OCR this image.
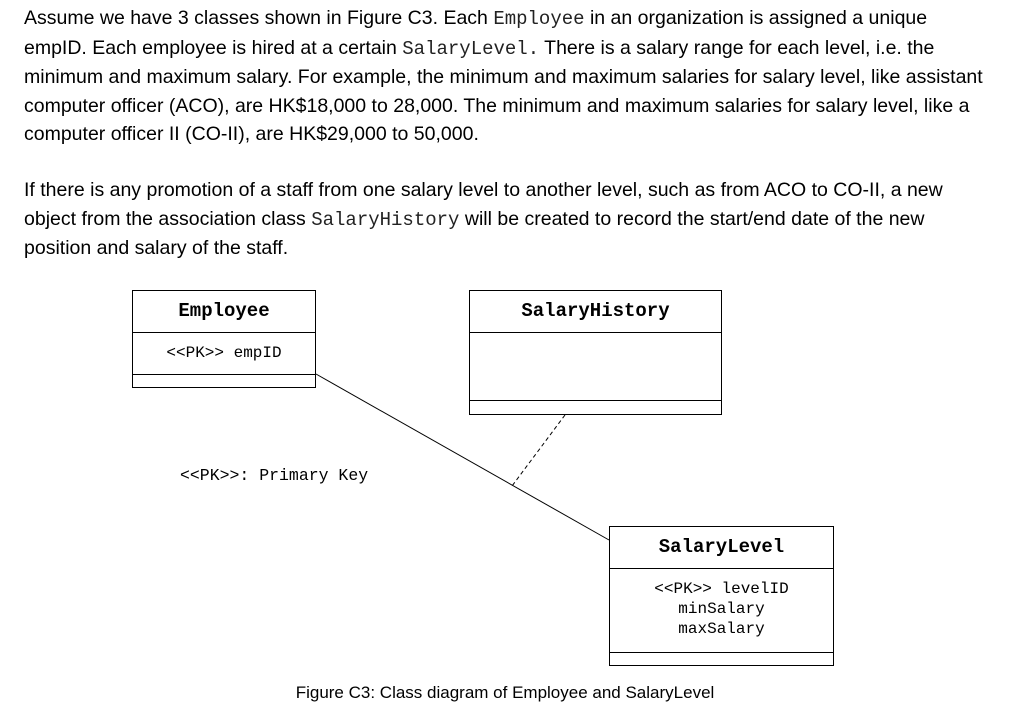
Assume we have 3 classes shown in Figure C3. Each Employee in an organization is assigned a unique empID. Each employee is hired at a certain SalaryLevel. There is a salary range for each level, i.e. the minimum and maximum salary. For example, the minimum and maximum salaries for salary level, like assistant computer officer (ACO), are HK$18,000 to 28,000. The minimum and maximum salaries for salary level, like a computer officer II (CO-II), are HK$29,000 to 50,000.

If there is any promotion of a staff from one salary level to another level, such as from ACO to CO-II, a new object from the association class SalaryHistory will be created to record the start/end date of the new position and salary of the staff.

Employee
<<PK>> empID
SalaryHistory
SalaryLevel
<<PK>> levelID
minSalary
maxSalary
<<PK>>: Primary Key
Figure C3: Class diagram of Employee and SalaryLevel
